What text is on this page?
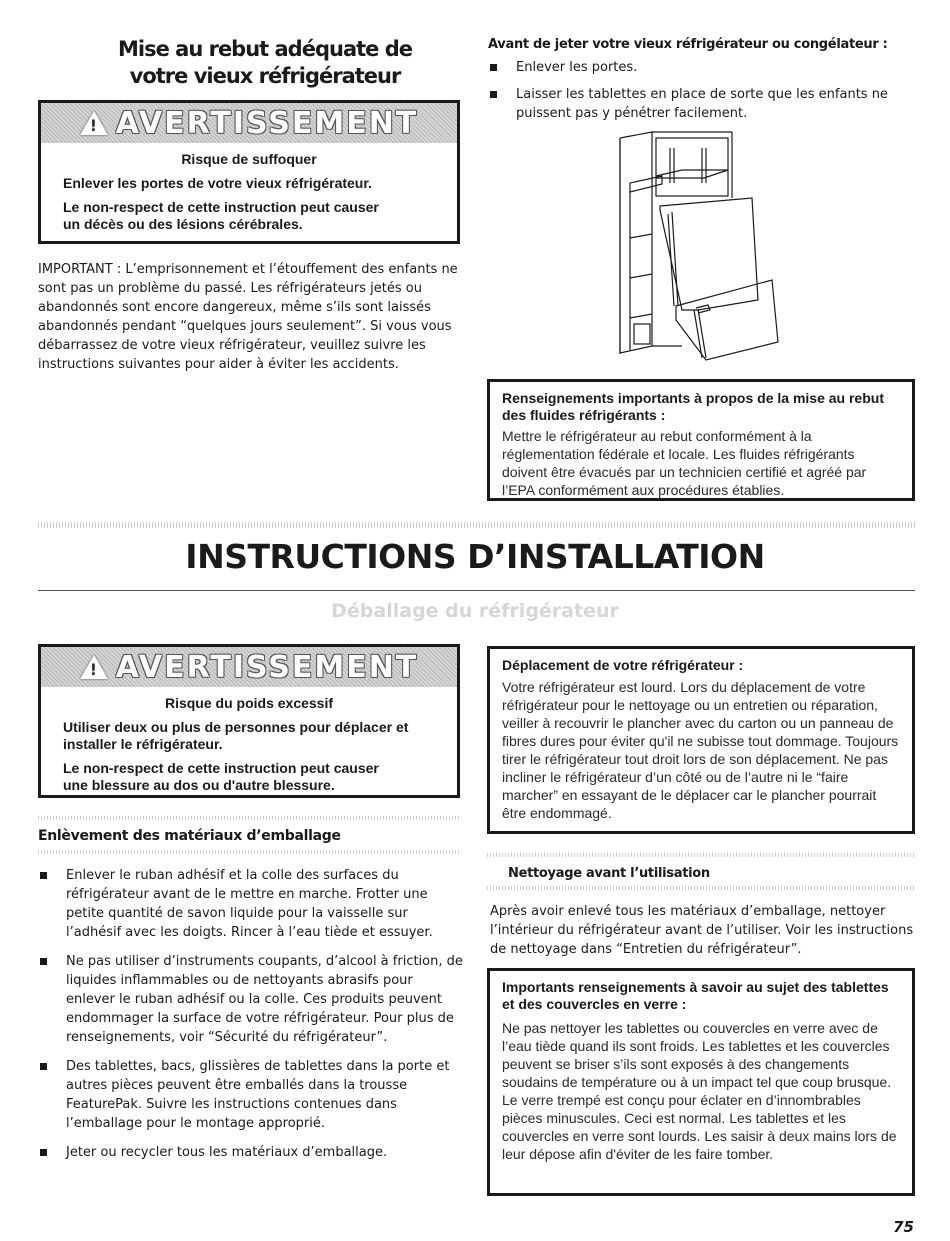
Mise au rebut adéquate de
votre vieux réfrigérateur
!
AVERTISSEMENT
Risque de suffoquer
Enlever les portes de votre vieux réfrigérateur.
Le non-respect de cette instruction peut causer un décès ou des lésions cérébrales.
IMPORTANT : L’emprisonnement et l’étouffement des enfants ne sont pas un problème du passé. Les réfrigérateurs jetés ou abandonnés sont encore dangereux, même s’ils sont laissés abandonnés pendant “quelques jours seulement”. Si vous vous débarrassez de votre vieux réfrigérateur, veuillez suivre les instructions suivantes pour aider à éviter les accidents.
Avant de jeter votre vieux réfrigérateur ou congélateur :
Enlever les portes.
Laisser les tablettes en place de sorte que les enfants ne puissent pas y pénétrer facilement.
Renseignements importants à propos de la mise au rebut des fluides réfrigérants :
Mettre le réfrigérateur au rebut conformément à la réglementation fédérale et locale. Les fluides réfrigérants doivent être évacués par un technicien certifié et agréé par l’EPA conformément aux procédures établies.
INSTRUCTIONS D’INSTALLATION
Déballage du réfrigérateur
!
AVERTISSEMENT
Risque du poids excessif
Utiliser deux ou plus de personnes pour déplacer et installer le réfrigérateur.
Le non-respect de cette instruction peut causer une blessure au dos ou d'autre blessure.
Enlèvement des matériaux d’emballage
Enlever le ruban adhésif et la colle des surfaces du réfrigérateur avant de le mettre en marche. Frotter une petite quantité de savon liquide pour la vaisselle sur l’adhésif avec les doigts. Rincer à l’eau tiède et essuyer.
Ne pas utiliser d’instruments coupants, d’alcool à friction, de liquides inflammables ou de nettoyants abrasifs pour enlever le ruban adhésif ou la colle. Ces produits peuvent endommager la surface de votre réfrigérateur. Pour plus de renseignements, voir “Sécurité du réfrigérateur”.
Des tablettes, bacs, glissières de tablettes dans la porte et autres pièces peuvent être emballés dans la trousse FeaturePak. Suivre les instructions contenues dans l’emballage pour le montage approprié.
Jeter ou recycler tous les matériaux d’emballage.
Déplacement de votre réfrigérateur :
Votre réfrigérateur est lourd. Lors du déplacement de votre réfrigérateur pour le nettoyage ou un entretien ou réparation, veiller à recouvrir le plancher avec du carton ou un panneau de fibres dures pour éviter qu'il ne subisse tout dommage. Toujours tirer le réfrigérateur tout droit lors de son déplacement. Ne pas incliner le réfrigérateur d’un côté ou de l’autre ni le “faire marcher” en essayant de le déplacer car le plancher pourrait être endommagé.
Nettoyage avant l’utilisation
Après avoir enlevé tous les matériaux d’emballage, nettoyer l’intérieur du réfrigérateur avant de l’utiliser. Voir les instructions de nettoyage dans “Entretien du réfrigérateur”.
Importants renseignements à savoir au sujet des tablettes et des couvercles en verre :
Ne pas nettoyer les tablettes ou couvercles en verre avec de l’eau tiède quand ils sont froids. Les tablettes et les couvercles peuvent se briser s’ils sont exposés à des changements soudains de température ou à un impact tel que coup brusque. Le verre trempé est conçu pour éclater en d’innombrables pièces minuscules. Ceci est normal. Les tablettes et les couvercles en verre sont lourds. Les saisir à deux mains lors de leur dépose afin d'éviter de les faire tomber.
75
